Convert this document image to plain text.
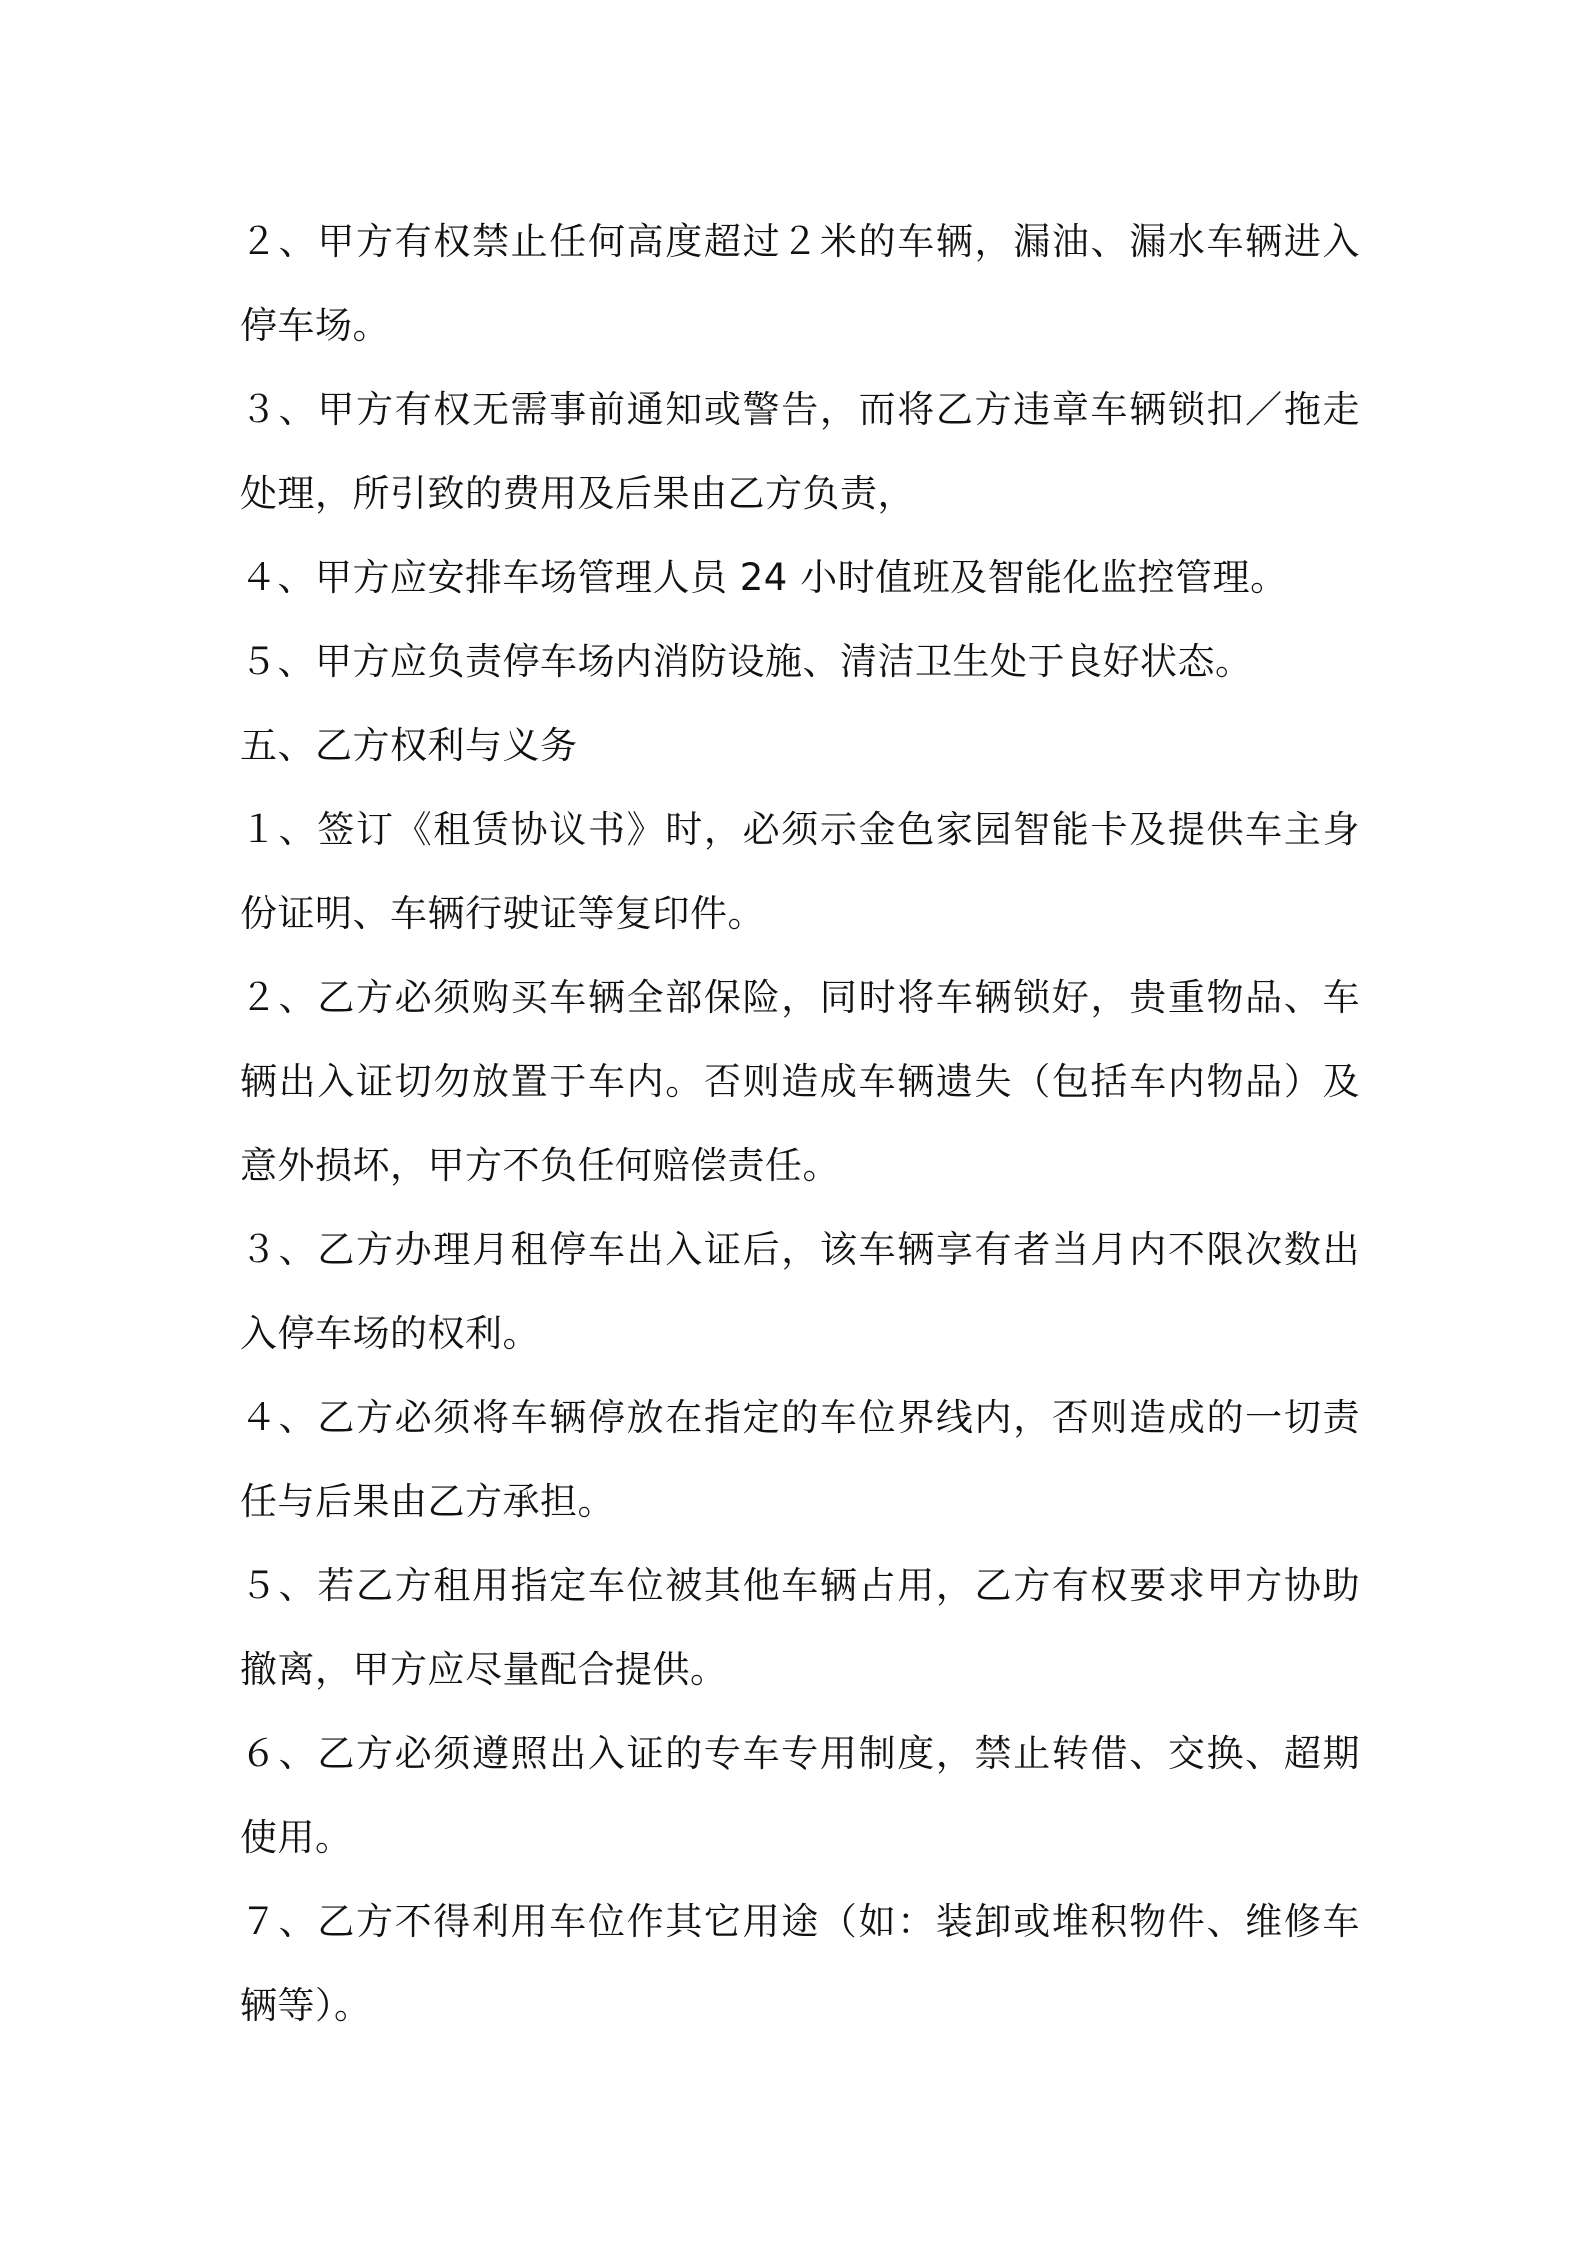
２、甲方有权禁止任何高度超过２米的车辆，漏油、漏水车辆进入停车场。

３、甲方有权无需事前通知或警告，而将乙方违章车辆锁扣／拖走处理，所引致的费用及后果由乙方负责，

４、甲方应安排车场管理人员 24 小时值班及智能化监控管理。

５、甲方应负责停车场内消防设施、清洁卫生处于良好状态。

五、乙方权利与义务

１、签订《租赁协议书》时，必须示金色家园智能卡及提供车主身份证明、车辆行驶证等复印件。

２、乙方必须购买车辆全部保险，同时将车辆锁好，贵重物品、车辆出入证切勿放置于车内。否则造成车辆遗失（包括车内物品）及意外损坏，甲方不负任何赔偿责任。

３、乙方办理月租停车出入证后，该车辆享有者当月内不限次数出入停车场的权利。

４、乙方必须将车辆停放在指定的车位界线内，否则造成的一切责任与后果由乙方承担。

５、若乙方租用指定车位被其他车辆占用，乙方有权要求甲方协助撤离，甲方应尽量配合提供。

６、乙方必须遵照出入证的专车专用制度，禁止转借、交换、超期使用。

７、乙方不得利用车位作其它用途（如：装卸或堆积物件、维修车辆等）。
